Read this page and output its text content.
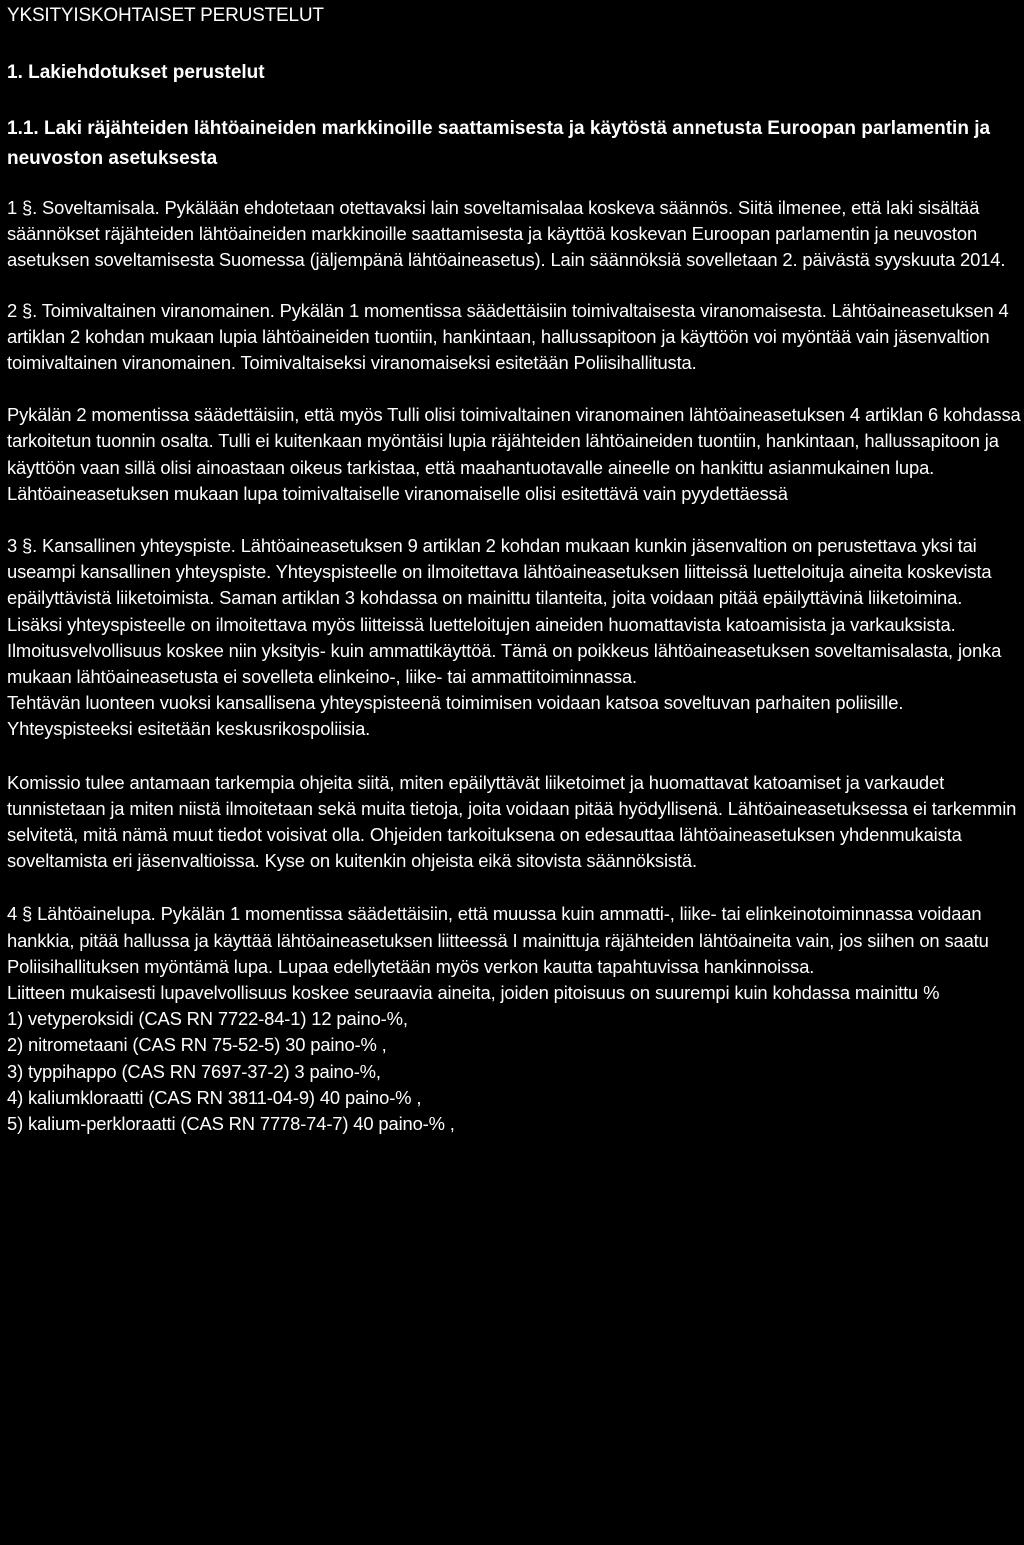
YKSITYISKOHTAISET PERUSTELUT
1. Lakiehdotukset perustelut
1.1. Laki räjähteiden lähtöaineiden markkinoille saattamisesta ja käytöstä annetusta Euroopan parlamentin ja neuvoston asetuksesta

1 §. Soveltamisala. Pykälään ehdotetaan otettavaksi lain soveltamisalaa koskeva säännös. Siitä ilmenee, että laki sisältää säännökset räjähteiden lähtöaineiden markkinoille saattamisesta ja käyttöä koskevan Euroopan parlamentin ja neuvoston asetuksen soveltamisesta Suomessa (jäljempänä lähtöaineasetus). Lain säännöksiä sovelletaan 2. päivästä syyskuuta 2014.

2 §. Toimivaltainen viranomainen. Pykälän 1 momentissa säädettäisiin toimivaltaisesta viranomaisesta. Lähtöaineasetuksen 4 artiklan 2 kohdan mukaan lupia lähtöaineiden tuontiin, hankintaan, hallussapitoon ja käyttöön voi myöntää vain jäsenvaltion toimivaltainen viranomainen. Toimivaltaiseksi viranomaiseksi esitetään Poliisihallitusta.

Pykälän 2 momentissa säädettäisiin, että myös Tulli olisi toimivaltainen viranomainen lähtöaineasetuksen 4 artiklan 6 kohdassa tarkoitetun tuonnin osalta. Tulli ei kuitenkaan myöntäisi lupia räjähteiden lähtöaineiden tuontiin, hankintaan, hallussapitoon ja käyttöön vaan sillä olisi ainoastaan oikeus tarkistaa, että maahantuotavalle aineelle on hankittu asianmukainen lupa. Lähtöaineasetuksen mukaan lupa toimivaltaiselle viranomaiselle olisi esitettävä vain pyydettäessä

3 §. Kansallinen yhteyspiste. Lähtöaineasetuksen 9 artiklan 2 kohdan mukaan kunkin jäsenvaltion on perustettava yksi tai useampi kansallinen yhteyspiste. Yhteyspisteelle on ilmoitettava lähtöaineasetuksen liitteissä luetteloituja aineita koskevista epäilyttävistä liiketoimista. Saman artiklan 3 kohdassa on mainittu tilanteita, joita voidaan pitää epäilyttävinä liiketoimina.

Lisäksi yhteyspisteelle on ilmoitettava myös liitteissä luetteloitujen aineiden huomattavista katoamisista ja varkauksista. Ilmoitusvelvollisuus koskee niin yksityis- kuin ammattikäyttöä. Tämä on poikkeus lähtöaineasetuksen soveltamisalasta, jonka mukaan lähtöaineasetusta ei sovelleta elinkeino-, liike- tai ammattitoiminnassa.

Tehtävän luonteen vuoksi kansallisena yhteyspisteenä toimimisen voidaan katsoa soveltuvan parhaiten poliisille. Yhteyspisteeksi esitetään keskusrikospoliisia.

Komissio tulee antamaan tarkempia ohjeita siitä, miten epäilyttävät liiketoimet ja huomattavat katoamiset ja varkaudet tunnistetaan ja miten niistä ilmoitetaan sekä muita tietoja, joita voidaan pitää hyödyllisenä. Lähtöaineasetuksessa ei tarkemmin selvitetä, mitä nämä muut tiedot voisivat olla. Ohjeiden tarkoituksena on edesauttaa lähtöaineasetuksen yhdenmukaista soveltamista eri jäsenvaltioissa. Kyse on kuitenkin ohjeista eikä sitovista säännöksistä.

4 § Lähtöainelupa. Pykälän 1 momentissa säädettäisiin, että muussa kuin ammatti-, liike- tai elinkeinotoiminnassa voidaan hankkia, pitää hallussa ja käyttää lähtöaineasetuksen liitteessä I mainittuja räjähteiden lähtöaineita vain, jos siihen on saatu Poliisihallituksen myöntämä lupa. Lupaa edellytetään myös verkon kautta tapahtuvissa hankinnoissa.

Liitteen mukaisesti lupavelvollisuus koskee seuraavia aineita, joiden pitoisuus on suurempi kuin kohdassa mainittu %

1) vetyperoksidi (CAS RN 7722-84-1) 12 paino-%,
2) nitrometaani (CAS RN 75-52-5) 30 paino-% ,
3) typpihappo (CAS RN 7697-37-2) 3 paino-%,
4) kaliumkloraatti (CAS RN 3811-04-9) 40 paino-% ,
5) kalium-perkloraatti (CAS RN 7778-74-7) 40 paino-% ,
